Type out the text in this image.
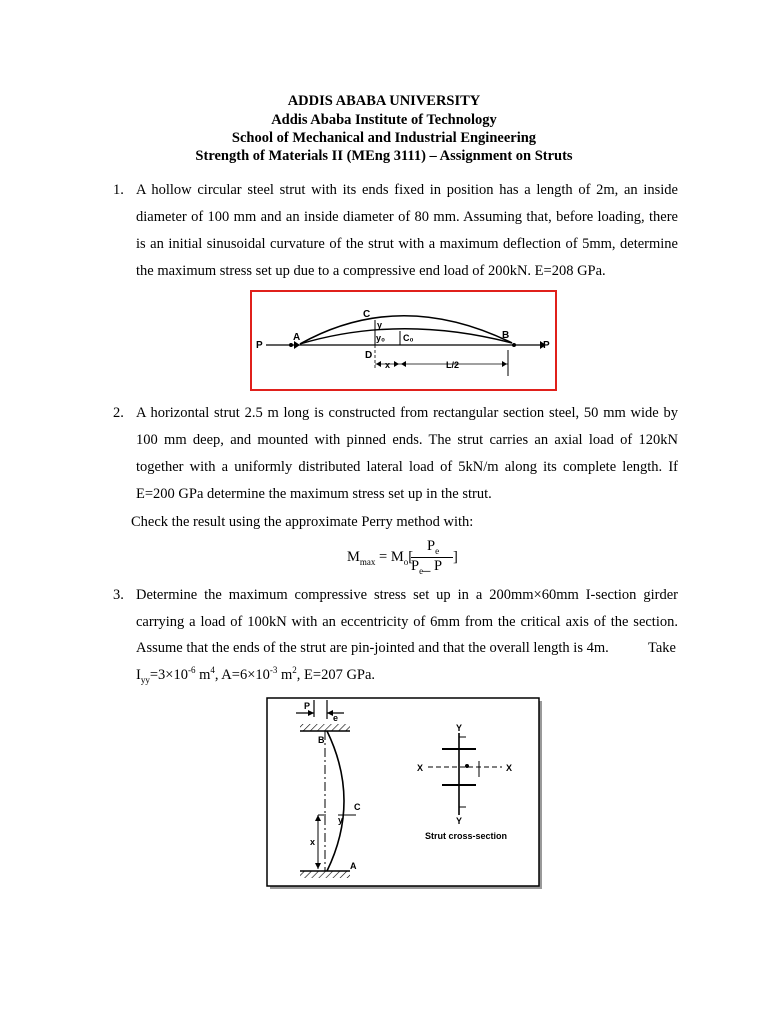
ADDIS ABABA UNIVERSITY
Addis Ababa Institute of Technology
School of Mechanical and Industrial Engineering
Strength of Materials II (MEng 3111) – Assignment on Struts
1. A hollow circular steel strut with its ends fixed in position has a length of 2m, an inside
diameter of 100 mm and an inside diameter of 80 mm. Assuming that, before loading, there
is an initial sinusoidal curvature of the strut with a maximum deflection of 5mm, determine
the maximum stress set up due to a compressive end load of 200kN. E=208 GPa.
P	P
A	B
C
D
y
y₀ C₀
x	L/2
2. A horizontal strut 2.5 m long is constructed from rectangular section steel, 50 mm wide by
100 mm deep, and mounted with pinned ends. The strut carries an axial load of 120kN
together with a uniformly distributed lateral load of 5kN/m along its complete length. If
E=200 GPa determine the maximum stress set up in the strut.
Check the result using the approximate Perry method with:
$M_{max} = M_o$[
$P_e$
$P_e\_$ P
]
3. Determine the maximum compressive stress set up in a 200mm×60mm I-section girder
carrying a load of 100kN with an eccentricity of 6mm from the critical axis of the section.
Assume that the ends of the strut are pin-jointed and that the overall length is 4m.	Take
$I_{yy}=3\times 10^{-6}$ $m^4$, $A=6\times 10^{-3}$ $m^2$, E=207 GPa.
P
e
B
C
y
x
A
Y
Y
X	X
Strut cross-section
